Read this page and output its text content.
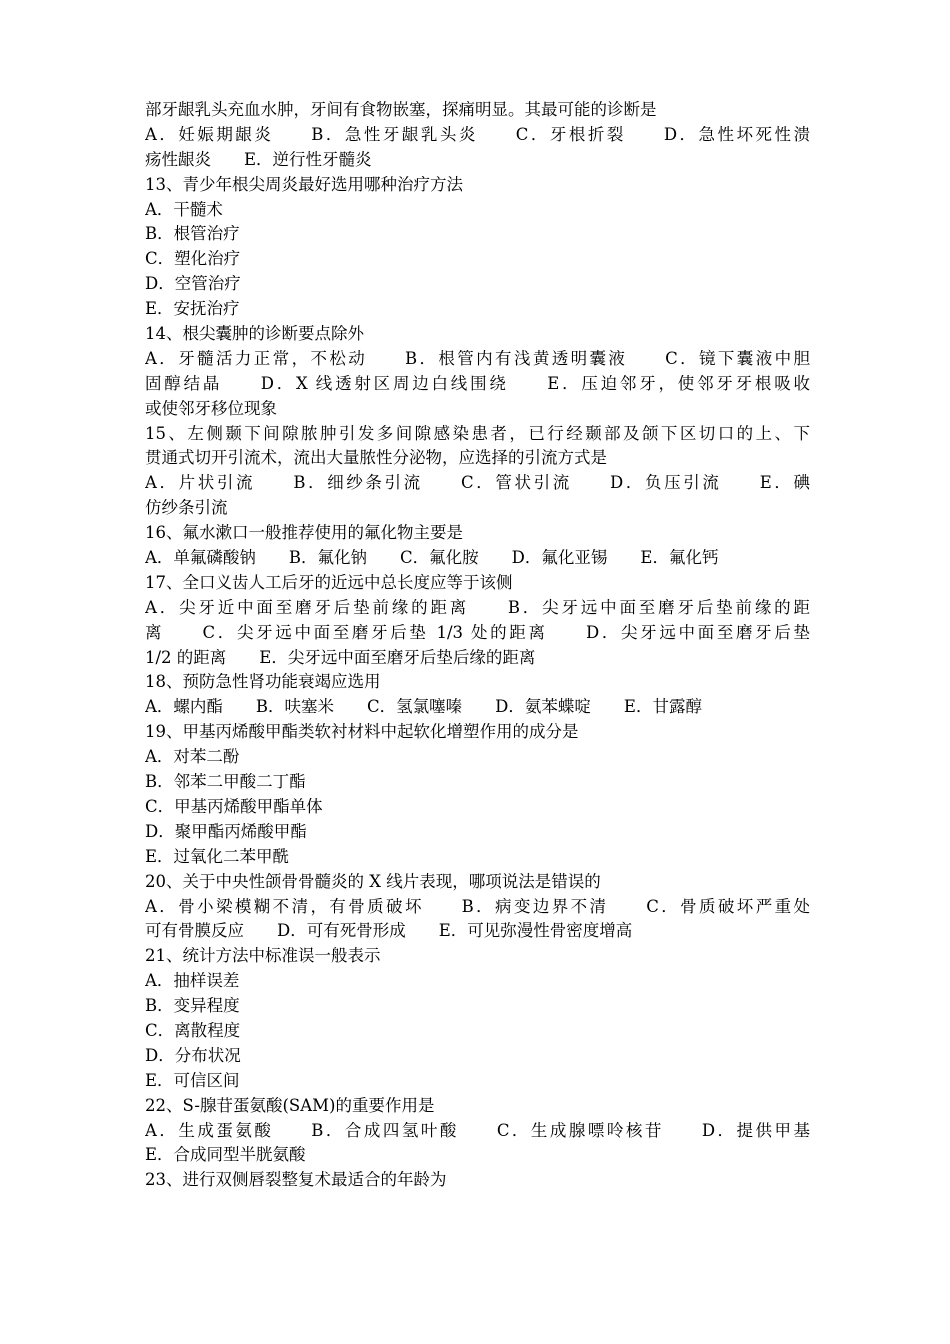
部牙龈乳头充血水肿，牙间有食物嵌塞，探痛明显。其最可能的诊断是
A．妊娠期龈炎　　B．急性牙龈乳头炎　　C．牙根折裂　　D．急性坏死性溃
疡性龈炎　　E．逆行性牙髓炎
13、青少年根尖周炎最好选用哪种治疗方法
A．干髓术
B．根管治疗
C．塑化治疗
D．空管治疗
E．安抚治疗
14、根尖囊肿的诊断要点除外
A．牙髓活力正常，不松动　　B．根管内有浅黄透明囊液　　C．镜下囊液中胆
固醇结晶　　D．X 线透射区周边白线围绕　　E．压迫邻牙，使邻牙牙根吸收
或使邻牙移位现象
15、左侧颞下间隙脓肿引发多间隙感染患者，已行经颞部及颌下区切口的上、下
贯通式切开引流术，流出大量脓性分泌物，应选择的引流方式是
A．片状引流　　B．细纱条引流　　C．管状引流　　D．负压引流　　E．碘
仿纱条引流
16、氟水漱口一般推荐使用的氟化物主要是
A．单氟磷酸钠　　B．氟化钠　　C．氟化胺　　D．氟化亚锡　　E．氟化钙
17、全口义齿人工后牙的近远中总长度应等于该侧
A．尖牙近中面至磨牙后垫前缘的距离　　B．尖牙远中面至磨牙后垫前缘的距
离　　C．尖牙远中面至磨牙后垫 1/3 处的距离　　D．尖牙远中面至磨牙后垫
1/2 的距离　　E．尖牙远中面至磨牙后垫后缘的距离
18、预防急性肾功能衰竭应选用
A．螺内酯　　B．呋塞米　　C．氢氯噻嗪　　D．氨苯蝶啶　　E．甘露醇
19、甲基丙烯酸甲酯类软衬材料中起软化增塑作用的成分是
A．对苯二酚
B．邻苯二甲酸二丁酯
C．甲基丙烯酸甲酯单体
D．聚甲酯丙烯酸甲酯
E．过氧化二苯甲酰
20、关于中央性颌骨骨髓炎的 X 线片表现，哪项说法是错误的
A．骨小梁模糊不清，有骨质破坏　　B．病变边界不清　　C．骨质破坏严重处
可有骨膜反应　　D．可有死骨形成　　E．可见弥漫性骨密度增高
21、统计方法中标准误一般表示
A．抽样误差
B．变异程度
C．离散程度
D．分布状况
E．可信区间
22、S-腺苷蛋氨酸(SAM)的重要作用是
A．生成蛋氨酸　　B．合成四氢叶酸　　C．生成腺嘌呤核苷　　D．提供甲基
E．合成同型半胱氨酸
23、进行双侧唇裂整复术最适合的年龄为
